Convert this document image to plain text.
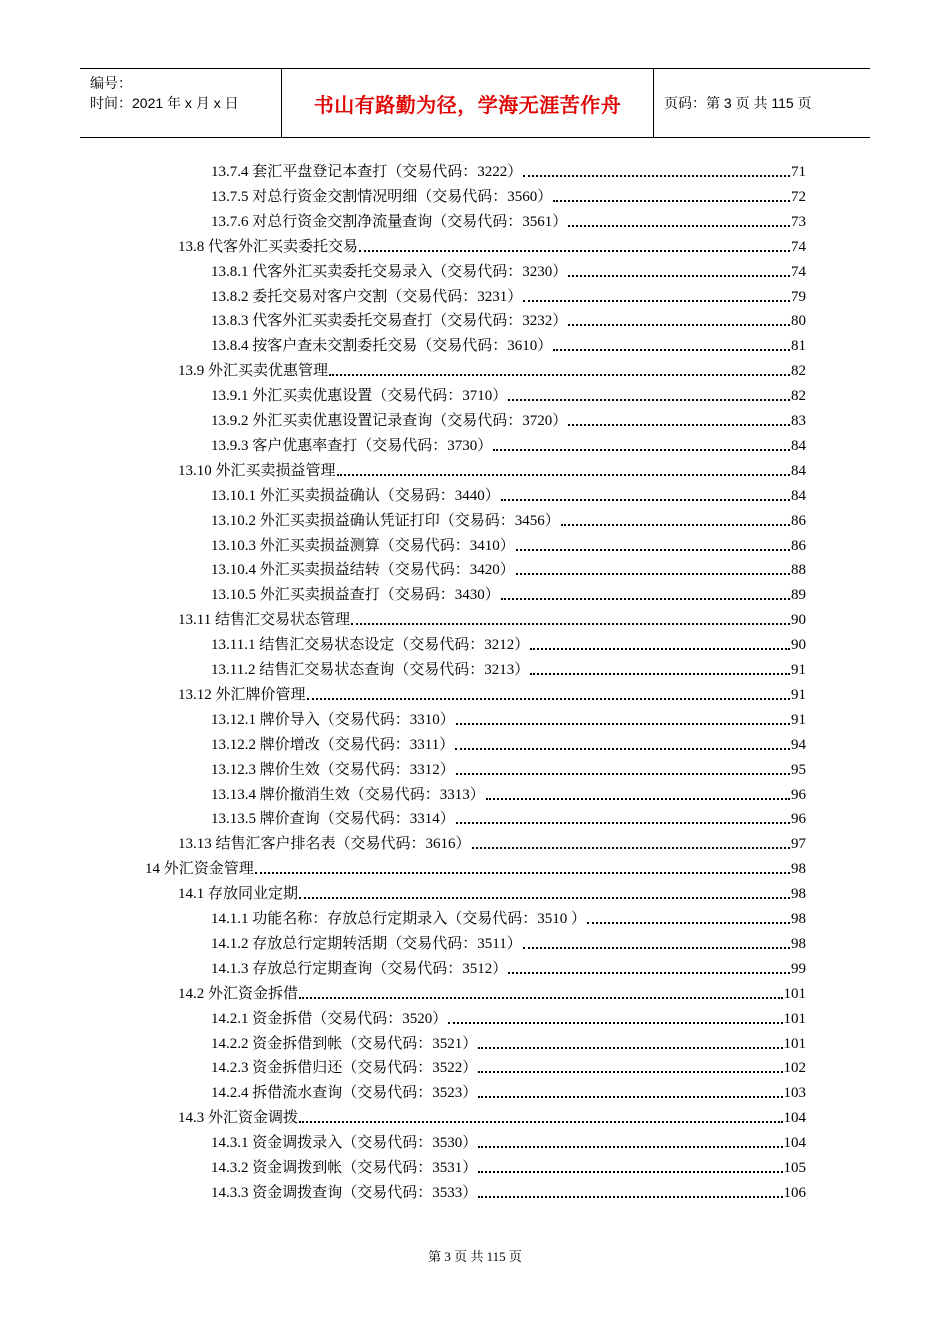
编号：
时间：2021 年 x 月 x 日	书山有路勤为径，学海无涯苦作舟	页码：第 3 页 共 115 页
13.7.4 套汇平盘登记本查打（交易代码：3222）	71
13.7.5 对总行资金交割情况明细（交易代码：3560）	72
13.7.6 对总行资金交割净流量查询（交易代码：3561）	73
13.8 代客外汇买卖委托交易	74
13.8.1 代客外汇买卖委托交易录入（交易代码：3230）	74
13.8.2 委托交易对客户交割（交易代码：3231）	79
13.8.3 代客外汇买卖委托交易查打（交易代码：3232）	80
13.8.4 按客户查未交割委托交易（交易代码：3610）	81
13.9 外汇买卖优惠管理	82
13.9.1 外汇买卖优惠设置（交易代码：3710）	82
13.9.2 外汇买卖优惠设置记录查询（交易代码：3720）	83
13.9.3 客户优惠率查打（交易代码：3730）	84
13.10 外汇买卖损益管理	84
13.10.1 外汇买卖损益确认（交易码：3440）	84
13.10.2 外汇买卖损益确认凭证打印（交易码：3456）	86
13.10.3 外汇买卖损益测算（交易代码：3410）	86
13.10.4 外汇买卖损益结转（交易代码：3420）	88
13.10.5 外汇买卖损益查打（交易码：3430）	89
13.11 结售汇交易状态管理	90
13.11.1 结售汇交易状态设定（交易代码：3212）	90
13.11.2 结售汇交易状态查询（交易代码：3213）	91
13.12 外汇牌价管理	91
13.12.1 牌价导入（交易代码：3310）	91
13.12.2 牌价增改（交易代码：3311）	94
13.12.3 牌价生效（交易代码：3312）	95
13.13.4 牌价撤消生效（交易代码：3313）	96
13.13.5 牌价查询（交易代码：3314）	96
13.13 结售汇客户排名表（交易代码：3616）	97
14 外汇资金管理	98
14.1 存放同业定期	98
14.1.1 功能名称：存放总行定期录入（交易代码：3510 ）	98
14.1.2 存放总行定期转活期（交易代码：3511）	98
14.1.3 存放总行定期查询（交易代码：3512）	99
14.2 外汇资金拆借	101
14.2.1 资金拆借（交易代码：3520）	101
14.2.2 资金拆借到帐（交易代码：3521）	101
14.2.3 资金拆借归还（交易代码：3522）	102
14.2.4 拆借流水查询（交易代码：3523）	103
14.3 外汇资金调拨	104
14.3.1 资金调拨录入（交易代码：3530）	104
14.3.2 资金调拨到帐（交易代码：3531）	105
14.3.3 资金调拨查询（交易代码：3533）	106
第 3 页 共 115 页
